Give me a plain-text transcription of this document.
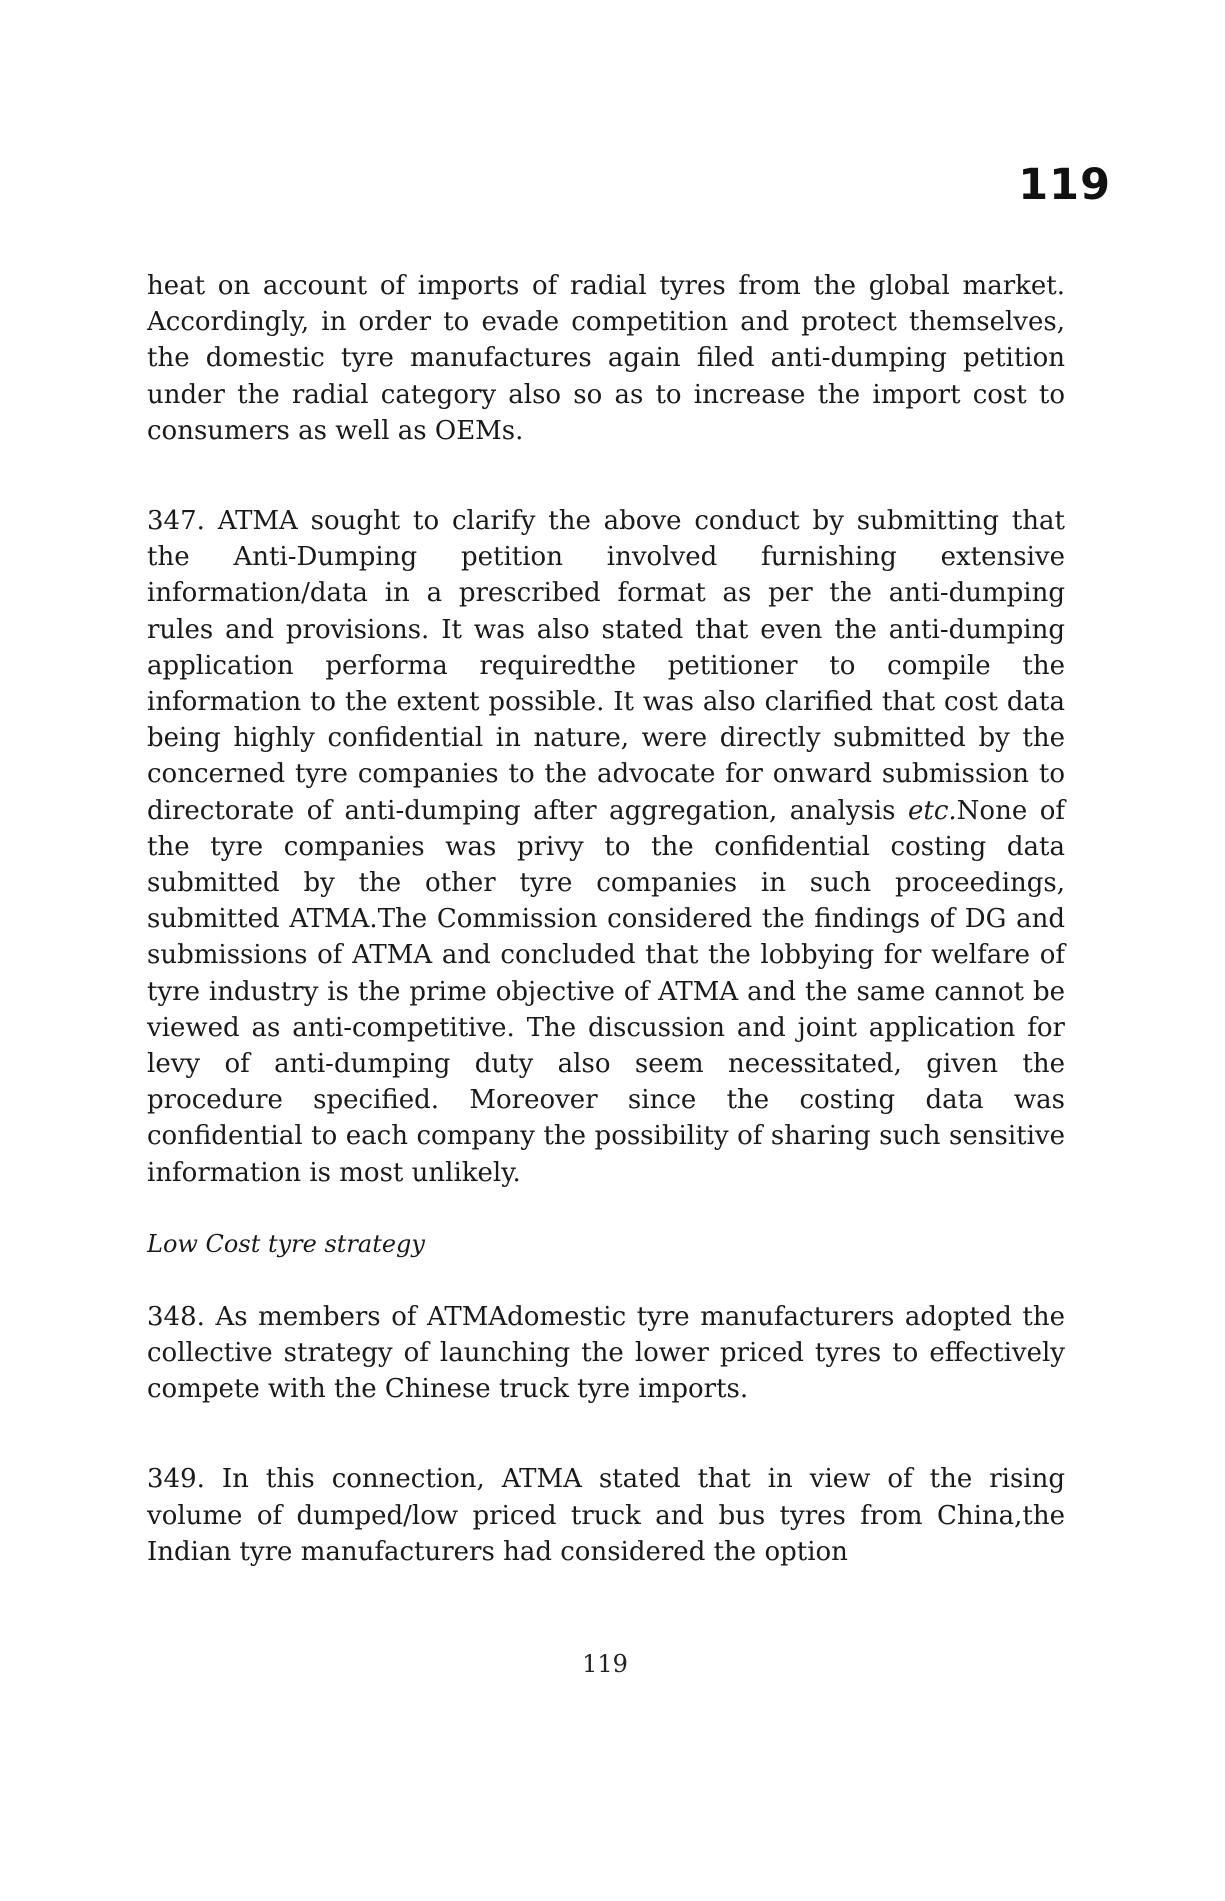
119

heat on account of imports of radial tyres from the global market. Accordingly, in order to evade competition and protect themselves, the domestic tyre manufactures again filed anti-dumping petition under the radial category also so as to increase the import cost to consumers as well as OEMs.

347. ATMA sought to clarify the above conduct by submitting that the Anti-Dumping petition involved furnishing extensive information/data in a prescribed format as per the anti-dumping rules and provisions. It was also stated that even the anti-dumping application performa requiredthe petitioner to compile the information to the extent possible. It was also clarified that cost data being highly confidential in nature, were directly submitted by the concerned tyre companies to the advocate for onward submission to directorate of anti-dumping after aggregation, analysis etc.None of the tyre companies was privy to the confidential costing data submitted by the other tyre companies in such proceedings, submitted ATMA.The Commission considered the findings of DG and submissions of ATMA and concluded that the lobbying for welfare of tyre industry is the prime objective of ATMA and the same cannot be viewed as anti-competitive. The discussion and joint application for levy of anti-dumping duty also seem necessitated, given the procedure specified. Moreover since the costing data was confidential to each company the possibility of sharing such sensitive information is most unlikely.

Low Cost tyre strategy

348. As members of ATMAdomestic tyre manufacturers adopted the collective strategy of launching the lower priced tyres to effectively compete with the Chinese truck tyre imports.

349. In this connection, ATMA stated that in view of the rising volume of dumped/low priced truck and bus tyres from China,the Indian tyre manufacturers had considered the option

119
